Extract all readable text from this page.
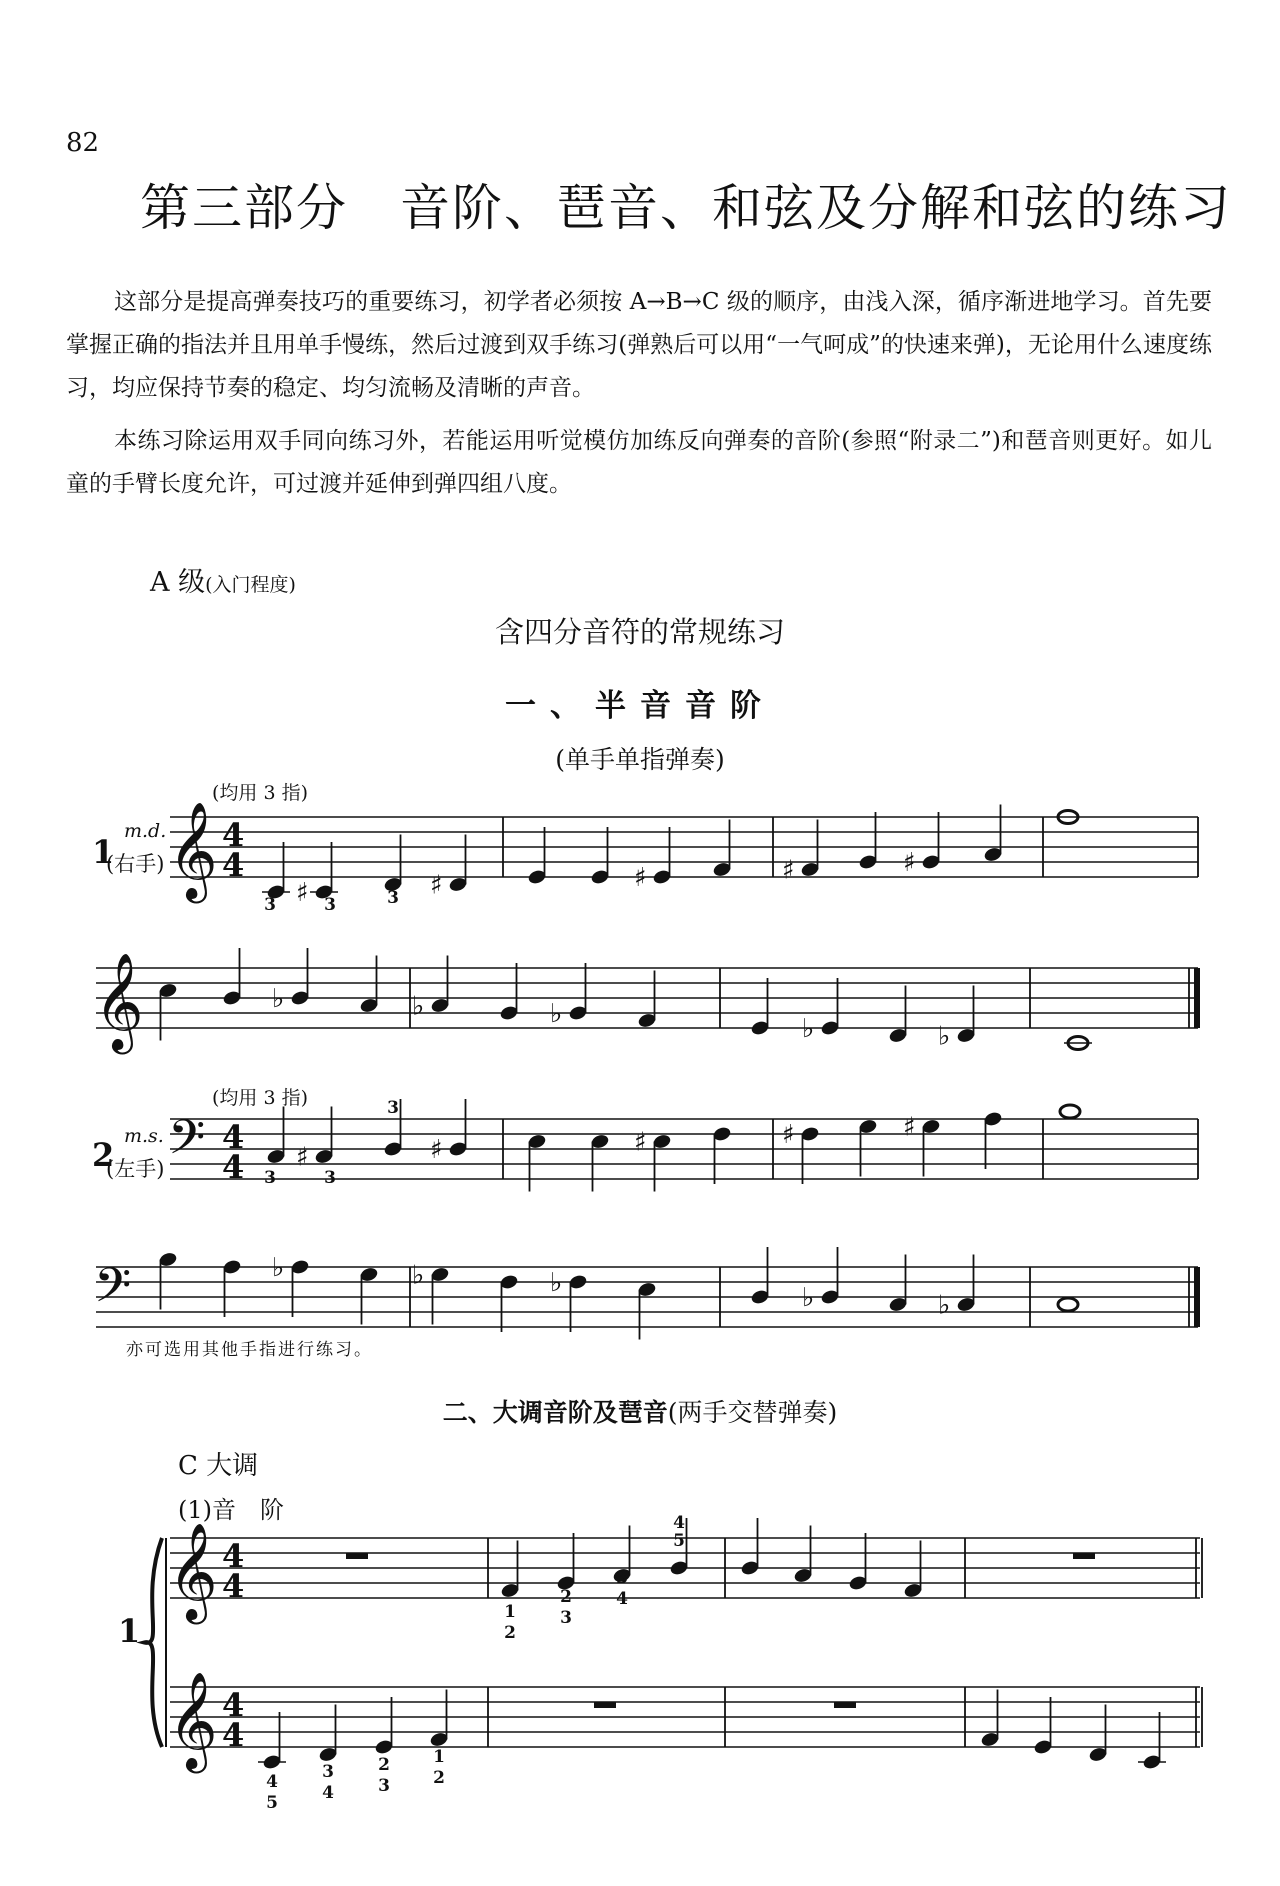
82
第三部分 音阶、琶音、和弦及分解和弦的练习
这部分是提高弹奏技巧的重要练习，初学者必须按 A→B→C 级的顺序，由浅入深，循序渐进地学习。首先要掌握正确的指法并且用单手慢练，然后过渡到双手练习(弹熟后可以用“一气呵成”的快速来弹)，无论用什么速度练习，均应保持节奏的稳定、均匀流畅及清晰的声音。
本练习除运用双手同向练习外，若能运用听觉模仿加练反向弹奏的音阶(参照“附录二”)和琶音则更好。如儿童的手臂长度允许，可过渡并延伸到弹四组八度。
A 级(入门程度)
含四分音符的常规练习
一、半音音阶
(单手单指弹奏)
(均用 3 指)
1
m.d.
(右手)
(均用 3 指)
2 m.s.
(左手)
亦可选用其他手指进行练习。
二、大调音阶及琶音(两手交替弹奏)
C 大调
(1)音　阶
1
𝄞 4
4
♯	♯	♯	♯	♯
3	3	3
𝄞	♭	♭	♭	♭	♭
𝄢 4
4 ♯	♯	♯	♯	♯
3	3
3
𝄢	♭	♭	♭	♭	♭
𝄞
𝄞
4
4
4
4
1
2
2
3
3
4
4
5
4
5
3
4
2
3
1
2
